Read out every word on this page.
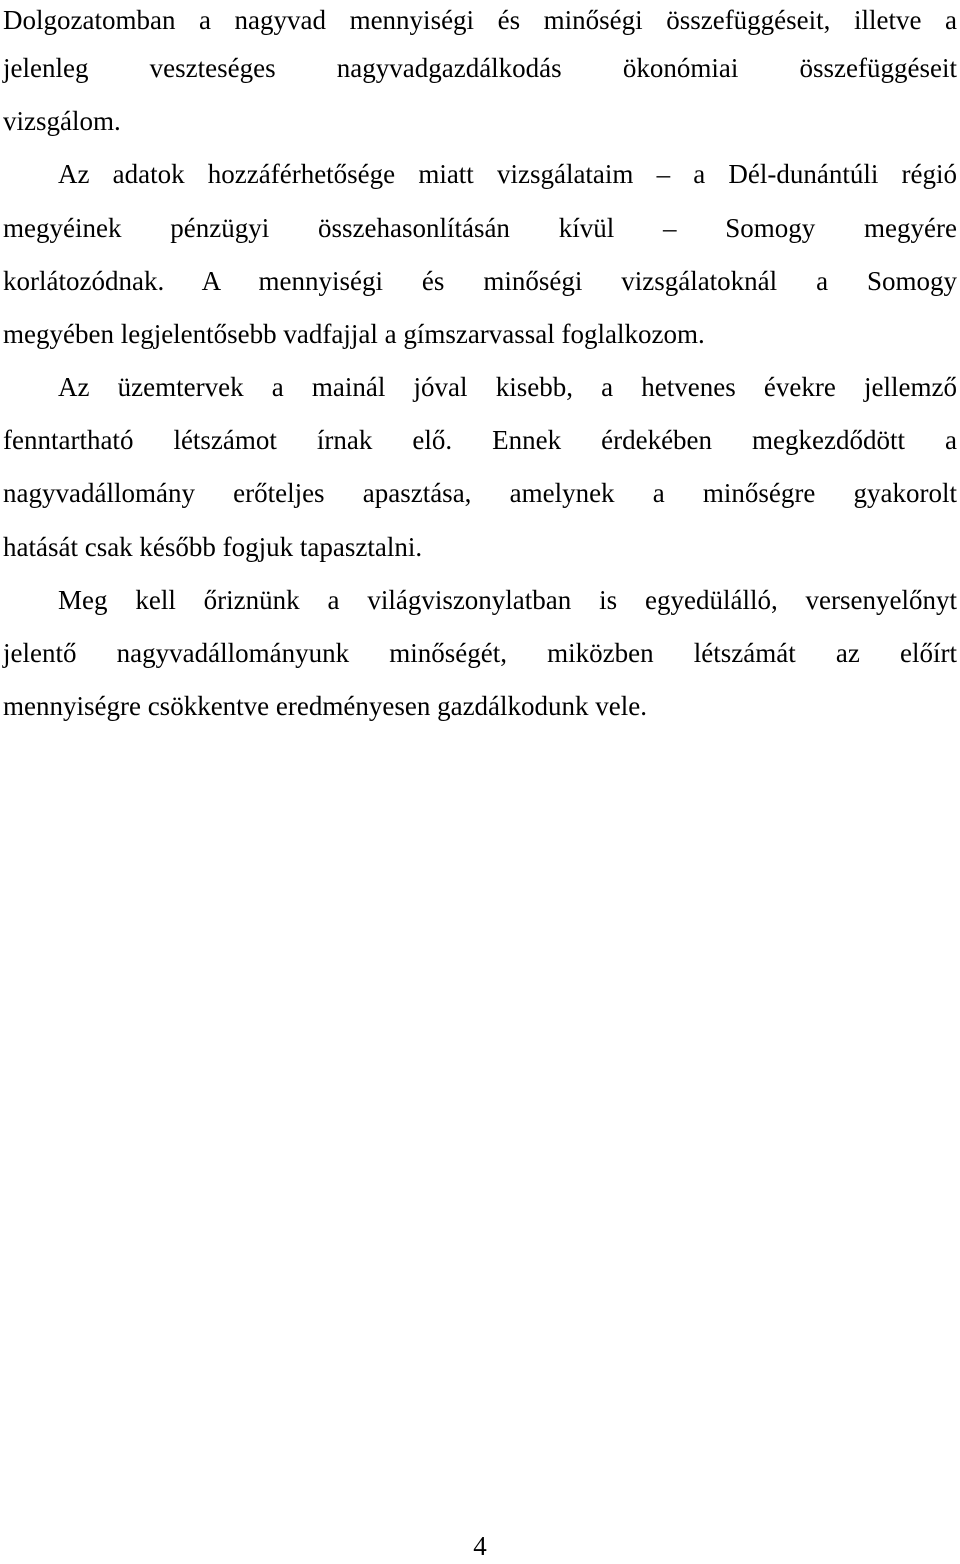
Dolgozatomban a nagyvad mennyiségi és minőségi összefüggéseit, illetve a
jelenleg veszteséges nagyvadgazdálkodás ökonómiai összefüggéseit
vizsgálom.
Az adatok hozzáférhetősége miatt vizsgálataim – a Dél-dunántúli régió
megyéinek pénzügyi összehasonlításán kívül – Somogy megyére
korlátozódnak. A mennyiségi és minőségi vizsgálatoknál a Somogy
megyében legjelentősebb vadfajjal a gímszarvassal foglalkozom.
Az üzemtervek a mainál jóval kisebb, a hetvenes évekre jellemző
fenntartható létszámot írnak elő. Ennek érdekében megkezdődött a
nagyvadállomány erőteljes apasztása, amelynek a minőségre gyakorolt
hatását csak később fogjuk tapasztalni.
Meg kell őriznünk a világviszonylatban is egyedülálló, versenyelőnyt
jelentő nagyvadállományunk minőségét, miközben létszámát az előírt
mennyiségre csökkentve eredményesen gazdálkodunk vele.
4
